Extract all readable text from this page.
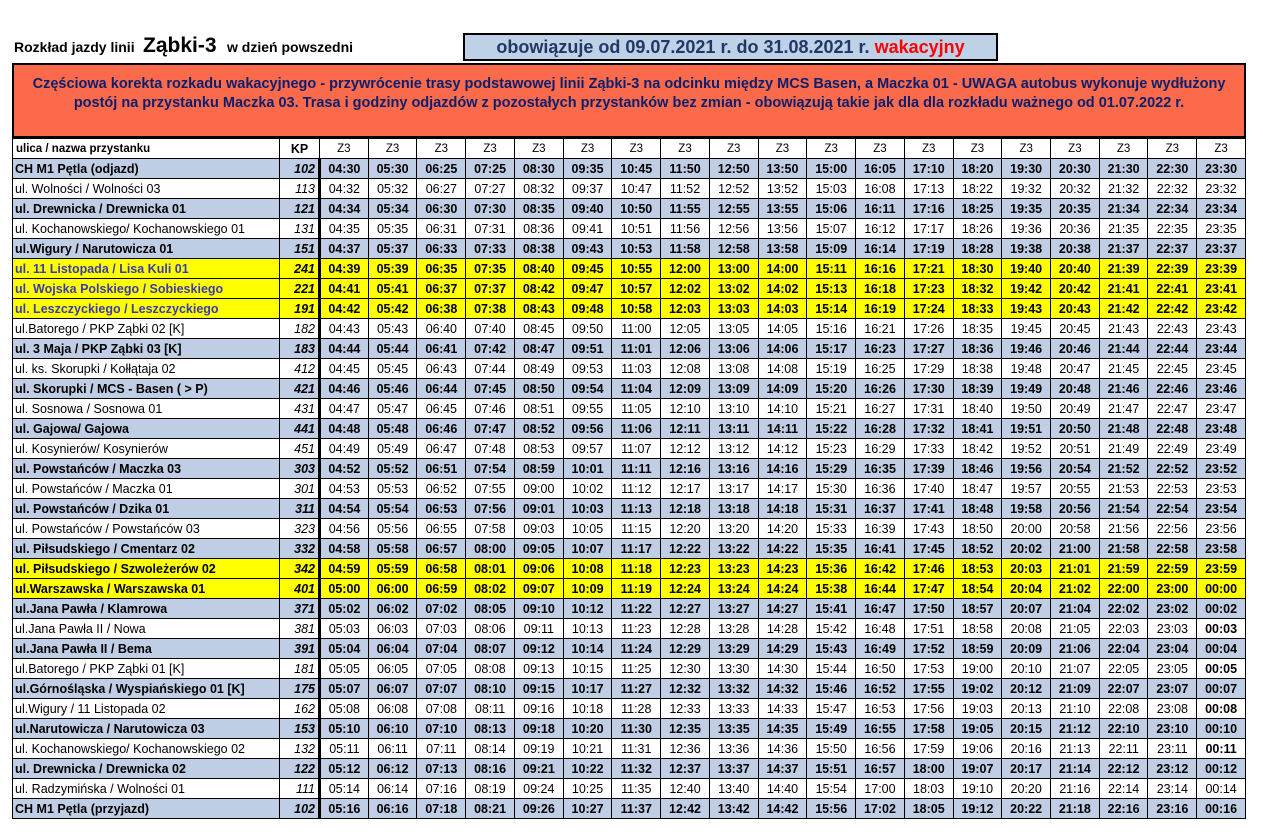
Rozkład jazdy linii Ząbki-3 w dzień powszedni	obowiązuje od 09.07.2021 r. do 31.08.2021 r. wakacyjny
Częściowa korekta rozkadu wakacyjnego - przywrócenie trasy podstawowej linii Ząbki-3 na odcinku między MCS Basen, a Maczka 01 - UWAGA autobus wykonuje wydłużony postój na przystanku Maczka 03. Trasa i godziny odjazdów z pozostałych przystanków bez zmian - obowiązują takie jak dla dla rozkładu ważnego od 01.07.2022 r.
ulica / nazwa przystanku	KP	Z3	Z3	Z3	Z3	Z3	Z3	Z3	Z3	Z3	Z3	Z3	Z3	Z3	Z3	Z3	Z3	Z3	Z3	Z3
CH M1 Pętla (odjazd)	102	04:30	05:30	06:25	07:25	08:30	09:35	10:45	11:50	12:50	13:50	15:00	16:05	17:10	18:20	19:30	20:30	21:30	22:30	23:30
ul. Wolności / Wolności 03	113	04:32	05:32	06:27	07:27	08:32	09:37	10:47	11:52	12:52	13:52	15:03	16:08	17:13	18:22	19:32	20:32	21:32	22:32	23:32
ul. Drewnicka / Drewnicka 01	121	04:34	05:34	06:30	07:30	08:35	09:40	10:50	11:55	12:55	13:55	15:06	16:11	17:16	18:25	19:35	20:35	21:34	22:34	23:34
ul. Kochanowskiego/ Kochanowskiego 01	131	04:35	05:35	06:31	07:31	08:36	09:41	10:51	11:56	12:56	13:56	15:07	16:12	17:17	18:26	19:36	20:36	21:35	22:35	23:35
ul.Wigury / Narutowicza 01	151	04:37	05:37	06:33	07:33	08:38	09:43	10:53	11:58	12:58	13:58	15:09	16:14	17:19	18:28	19:38	20:38	21:37	22:37	23:37
ul. 11 Listopada / Lisa Kuli 01	241	04:39	05:39	06:35	07:35	08:40	09:45	10:55	12:00	13:00	14:00	15:11	16:16	17:21	18:30	19:40	20:40	21:39	22:39	23:39
ul. Wojska Polskiego / Sobieskiego	221	04:41	05:41	06:37	07:37	08:42	09:47	10:57	12:02	13:02	14:02	15:13	16:18	17:23	18:32	19:42	20:42	21:41	22:41	23:41
ul. Leszczyckiego / Leszczyckiego	191	04:42	05:42	06:38	07:38	08:43	09:48	10:58	12:03	13:03	14:03	15:14	16:19	17:24	18:33	19:43	20:43	21:42	22:42	23:42
ul.Batorego / PKP Ząbki 02 [K]	182	04:43	05:43	06:40	07:40	08:45	09:50	11:00	12:05	13:05	14:05	15:16	16:21	17:26	18:35	19:45	20:45	21:43	22:43	23:43
ul. 3 Maja / PKP Ząbki 03 [K]	183	04:44	05:44	06:41	07:42	08:47	09:51	11:01	12:06	13:06	14:06	15:17	16:23	17:27	18:36	19:46	20:46	21:44	22:44	23:44
ul. ks. Skorupki / Kołłątaja 02	412	04:45	05:45	06:43	07:44	08:49	09:53	11:03	12:08	13:08	14:08	15:19	16:25	17:29	18:38	19:48	20:47	21:45	22:45	23:45
ul. Skorupki / MCS - Basen ( > P)	421	04:46	05:46	06:44	07:45	08:50	09:54	11:04	12:09	13:09	14:09	15:20	16:26	17:30	18:39	19:49	20:48	21:46	22:46	23:46
ul. Sosnowa / Sosnowa 01	431	04:47	05:47	06:45	07:46	08:51	09:55	11:05	12:10	13:10	14:10	15:21	16:27	17:31	18:40	19:50	20:49	21:47	22:47	23:47
ul. Gajowa/ Gajowa	441	04:48	05:48	06:46	07:47	08:52	09:56	11:06	12:11	13:11	14:11	15:22	16:28	17:32	18:41	19:51	20:50	21:48	22:48	23:48
ul. Kosynierów/ Kosynierów	451	04:49	05:49	06:47	07:48	08:53	09:57	11:07	12:12	13:12	14:12	15:23	16:29	17:33	18:42	19:52	20:51	21:49	22:49	23:49
ul. Powstańców / Maczka 03	303	04:52	05:52	06:51	07:54	08:59	10:01	11:11	12:16	13:16	14:16	15:29	16:35	17:39	18:46	19:56	20:54	21:52	22:52	23:52
ul. Powstańców / Maczka 01	301	04:53	05:53	06:52	07:55	09:00	10:02	11:12	12:17	13:17	14:17	15:30	16:36	17:40	18:47	19:57	20:55	21:53	22:53	23:53
ul. Powstańców / Dzika 01	311	04:54	05:54	06:53	07:56	09:01	10:03	11:13	12:18	13:18	14:18	15:31	16:37	17:41	18:48	19:58	20:56	21:54	22:54	23:54
ul. Powstańców / Powstańców 03	323	04:56	05:56	06:55	07:58	09:03	10:05	11:15	12:20	13:20	14:20	15:33	16:39	17:43	18:50	20:00	20:58	21:56	22:56	23:56
ul. Piłsudskiego / Cmentarz 02	332	04:58	05:58	06:57	08:00	09:05	10:07	11:17	12:22	13:22	14:22	15:35	16:41	17:45	18:52	20:02	21:00	21:58	22:58	23:58
ul. Piłsudskiego / Szwoleżerów 02	342	04:59	05:59	06:58	08:01	09:06	10:08	11:18	12:23	13:23	14:23	15:36	16:42	17:46	18:53	20:03	21:01	21:59	22:59	23:59
ul.Warszawska / Warszawska 01	401	05:00	06:00	06:59	08:02	09:07	10:09	11:19	12:24	13:24	14:24	15:38	16:44	17:47	18:54	20:04	21:02	22:00	23:00	00:00
ul.Jana Pawła / Klamrowa	371	05:02	06:02	07:02	08:05	09:10	10:12	11:22	12:27	13:27	14:27	15:41	16:47	17:50	18:57	20:07	21:04	22:02	23:02	00:02
ul.Jana Pawła II / Nowa	381	05:03	06:03	07:03	08:06	09:11	10:13	11:23	12:28	13:28	14:28	15:42	16:48	17:51	18:58	20:08	21:05	22:03	23:03	00:03
ul.Jana Pawła II / Bema	391	05:04	06:04	07:04	08:07	09:12	10:14	11:24	12:29	13:29	14:29	15:43	16:49	17:52	18:59	20:09	21:06	22:04	23:04	00:04
ul.Batorego / PKP Ząbki 01 [K]	181	05:05	06:05	07:05	08:08	09:13	10:15	11:25	12:30	13:30	14:30	15:44	16:50	17:53	19:00	20:10	21:07	22:05	23:05	00:05
ul.Górnośląska / Wyspiańskiego 01 [K]	175	05:07	06:07	07:07	08:10	09:15	10:17	11:27	12:32	13:32	14:32	15:46	16:52	17:55	19:02	20:12	21:09	22:07	23:07	00:07
ul.Wigury / 11 Listopada 02	162	05:08	06:08	07:08	08:11	09:16	10:18	11:28	12:33	13:33	14:33	15:47	16:53	17:56	19:03	20:13	21:10	22:08	23:08	00:08
ul.Narutowicza / Narutowicza 03	153	05:10	06:10	07:10	08:13	09:18	10:20	11:30	12:35	13:35	14:35	15:49	16:55	17:58	19:05	20:15	21:12	22:10	23:10	00:10
ul. Kochanowskiego/ Kochanowskiego 02	132	05:11	06:11	07:11	08:14	09:19	10:21	11:31	12:36	13:36	14:36	15:50	16:56	17:59	19:06	20:16	21:13	22:11	23:11	00:11
ul. Drewnicka / Drewnicka 02	122	05:12	06:12	07:13	08:16	09:21	10:22	11:32	12:37	13:37	14:37	15:51	16:57	18:00	19:07	20:17	21:14	22:12	23:12	00:12
ul. Radzymińska / Wolności 01	111	05:14	06:14	07:16	08:19	09:24	10:25	11:35	12:40	13:40	14:40	15:54	17:00	18:03	19:10	20:20	21:16	22:14	23:14	00:14
CH M1 Pętla (przyjazd)	102	05:16	06:16	07:18	08:21	09:26	10:27	11:37	12:42	13:42	14:42	15:56	17:02	18:05	19:12	20:22	21:18	22:16	23:16	00:16
